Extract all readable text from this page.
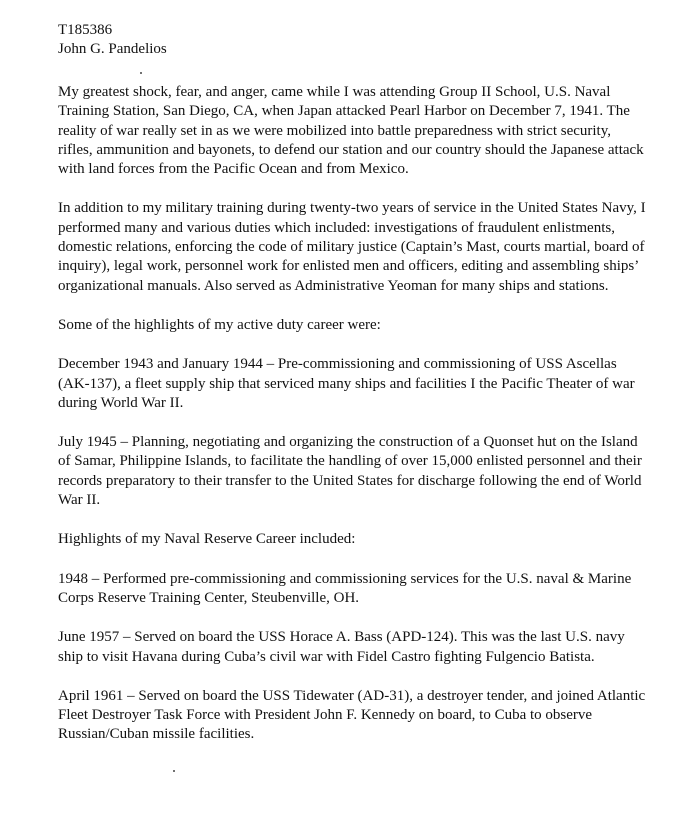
T185386
John G. Pandelios

My greatest shock, fear, and anger, came while I was attending Group II School, U.S. Naval Training Station, San Diego, CA, when Japan attacked Pearl Harbor on December 7, 1941. The reality of war really set in as we were mobilized into battle preparedness with strict security, rifles, ammunition and bayonets, to defend our station and our country should the Japanese attack with land forces from the Pacific Ocean and from Mexico.

In addition to my military training during twenty-two years of service in the United States Navy, I performed many and various duties which included: investigations of fraudulent enlistments, domestic relations, enforcing the code of military justice (Captain’s Mast, courts martial, board of inquiry), legal work, personnel work for enlisted men and officers, editing and assembling ships’ organizational manuals. Also served as Administrative Yeoman for many ships and stations.

Some of the highlights of my active duty career were:

December 1943 and January 1944 – Pre-commissioning and commissioning of USS Ascellas (AK-137), a fleet supply ship that serviced many ships and facilities I the Pacific Theater of war during World War II.

July 1945 – Planning, negotiating and organizing the construction of a Quonset hut on the Island of Samar, Philippine Islands, to facilitate the handling of over 15,000 enlisted personnel and their records preparatory to their transfer to the United States for discharge following the end of World War II.

Highlights of my Naval Reserve Career included:

1948 – Performed pre-commissioning and commissioning services for the U.S. naval & Marine Corps Reserve Training Center, Steubenville, OH.

June 1957 – Served on board the USS Horace A. Bass (APD-124). This was the last U.S. navy ship to visit Havana during Cuba’s civil war with Fidel Castro fighting Fulgencio Batista.

April 1961 – Served on board the USS Tidewater (AD-31), a destroyer tender, and joined Atlantic Fleet Destroyer Task Force with President John F. Kennedy on board, to Cuba to observe Russian/Cuban missile facilities.
